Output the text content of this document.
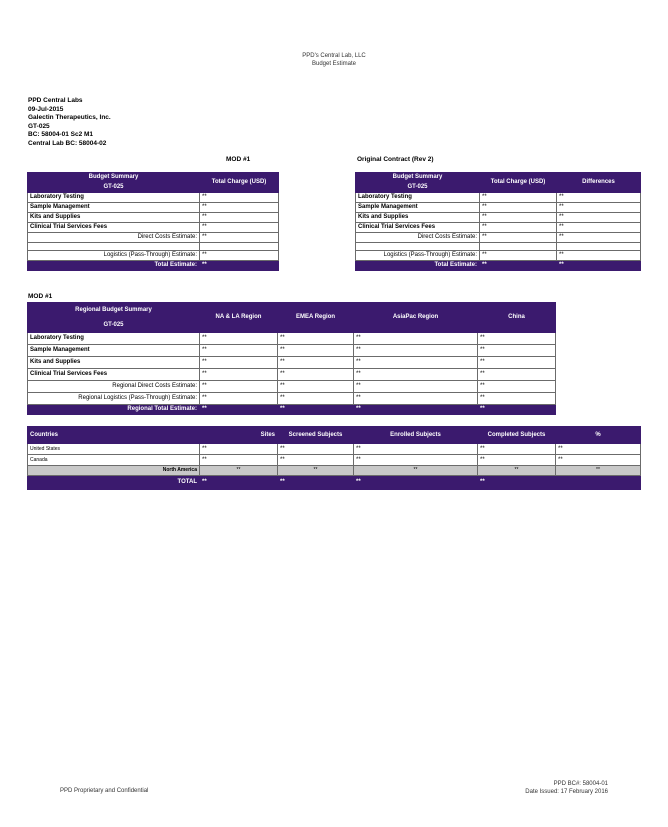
PPD's Central Lab, LLC
Budget Estimate
PPD Central Labs
09-Jul-2015
Galectin Therapeutics, Inc.
GT-025
BC: 58004-01 Sc2 M1
Central Lab BC: 58004-02
MOD #1	Original Contract (Rev 2)
Budget Summary	Total Charge (USD)
GT-025	
Laboratory Testing	**
Sample Management	**
Kits and Supplies	**
Clinical Trial Services Fees	**
Direct Costs Estimate:	**

Logistics (Pass-Through) Estimate:	**
Total Estimate:	**
Budget Summary	Total Charge (USD)	Differences
GT-025		
Laboratory Testing	**	**
Sample Management	**	**
Kits and Supplies	**	**
Clinical Trial Services Fees	**	**
Direct Costs Estimate:	**	**

Logistics (Pass-Through) Estimate:	**	**
Total Estimate:	**	**
MOD #1
Regional Budget Summary	NA & LA Region	EMEA Region	AsiaPac Region	China
GT-025				
Laboratory Testing	**	**	**	**
Sample Management	**	**	**	**
Kits and Supplies	**	**	**	**
Clinical Trial Services Fees	**	**	**	**
Regional Direct Costs Estimate:	**	**	**	**
Regional Logistics (Pass-Through) Estimate:	**	**	**	**
Regional Total Estimate:	**	**	**	**
Countries	Sites	Screened Subjects	Enrolled Subjects	Completed Subjects	%
United States	**	**	**	**	**
Canada	**	**	**	**	**
North America	**	**	**	**	**
TOTAL	**	**	**	**	
PPD Proprietary and Confidential
PPD BC#: 58004-01
Date Issued: 17 February 2016
